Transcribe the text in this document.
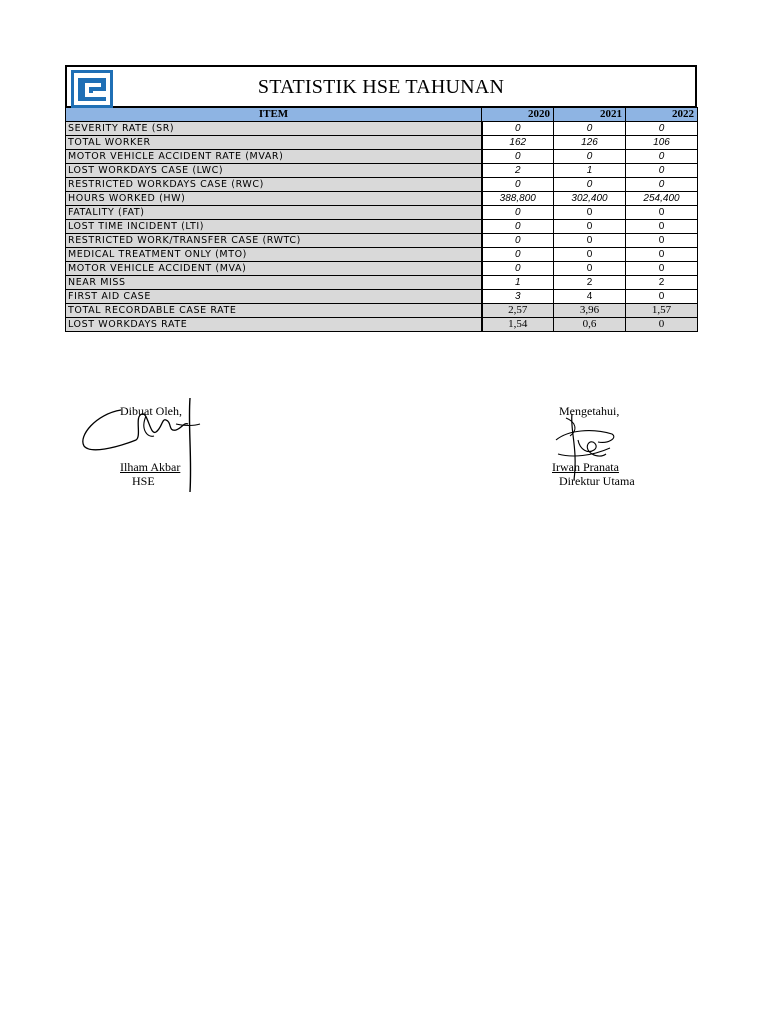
STATISTIK HSE TAHUNAN
ITEM	2020	2021	2022
SEVERITY RATE (SR)	0	0	0
TOTAL WORKER	162	126	106
MOTOR VEHICLE ACCIDENT RATE (MVAR)	0	0	0
LOST WORKDAYS CASE (LWC)	2	1	0
RESTRICTED WORKDAYS CASE (RWC)	0	0	0
HOURS WORKED (HW)	388,800	302,400	254,400
FATALITY (FAT)	0	0	0
LOST TIME INCIDENT (LTI)	0	0	0
RESTRICTED WORK/TRANSFER CASE (RWTC)	0	0	0
MEDICAL TREATMENT ONLY (MTO)	0	0	0
MOTOR VEHICLE ACCIDENT (MVA)	0	0	0
NEAR MISS	1	2	2
FIRST AID CASE	3	4	0
TOTAL RECORDABLE CASE RATE	2,57	3,96	1,57
LOST WORKDAYS RATE	1,54	0,6	0
Dibuat Oleh,
Ilham Akbar
HSE
Mengetahui,
Irwan Pranata
Direktur Utama
